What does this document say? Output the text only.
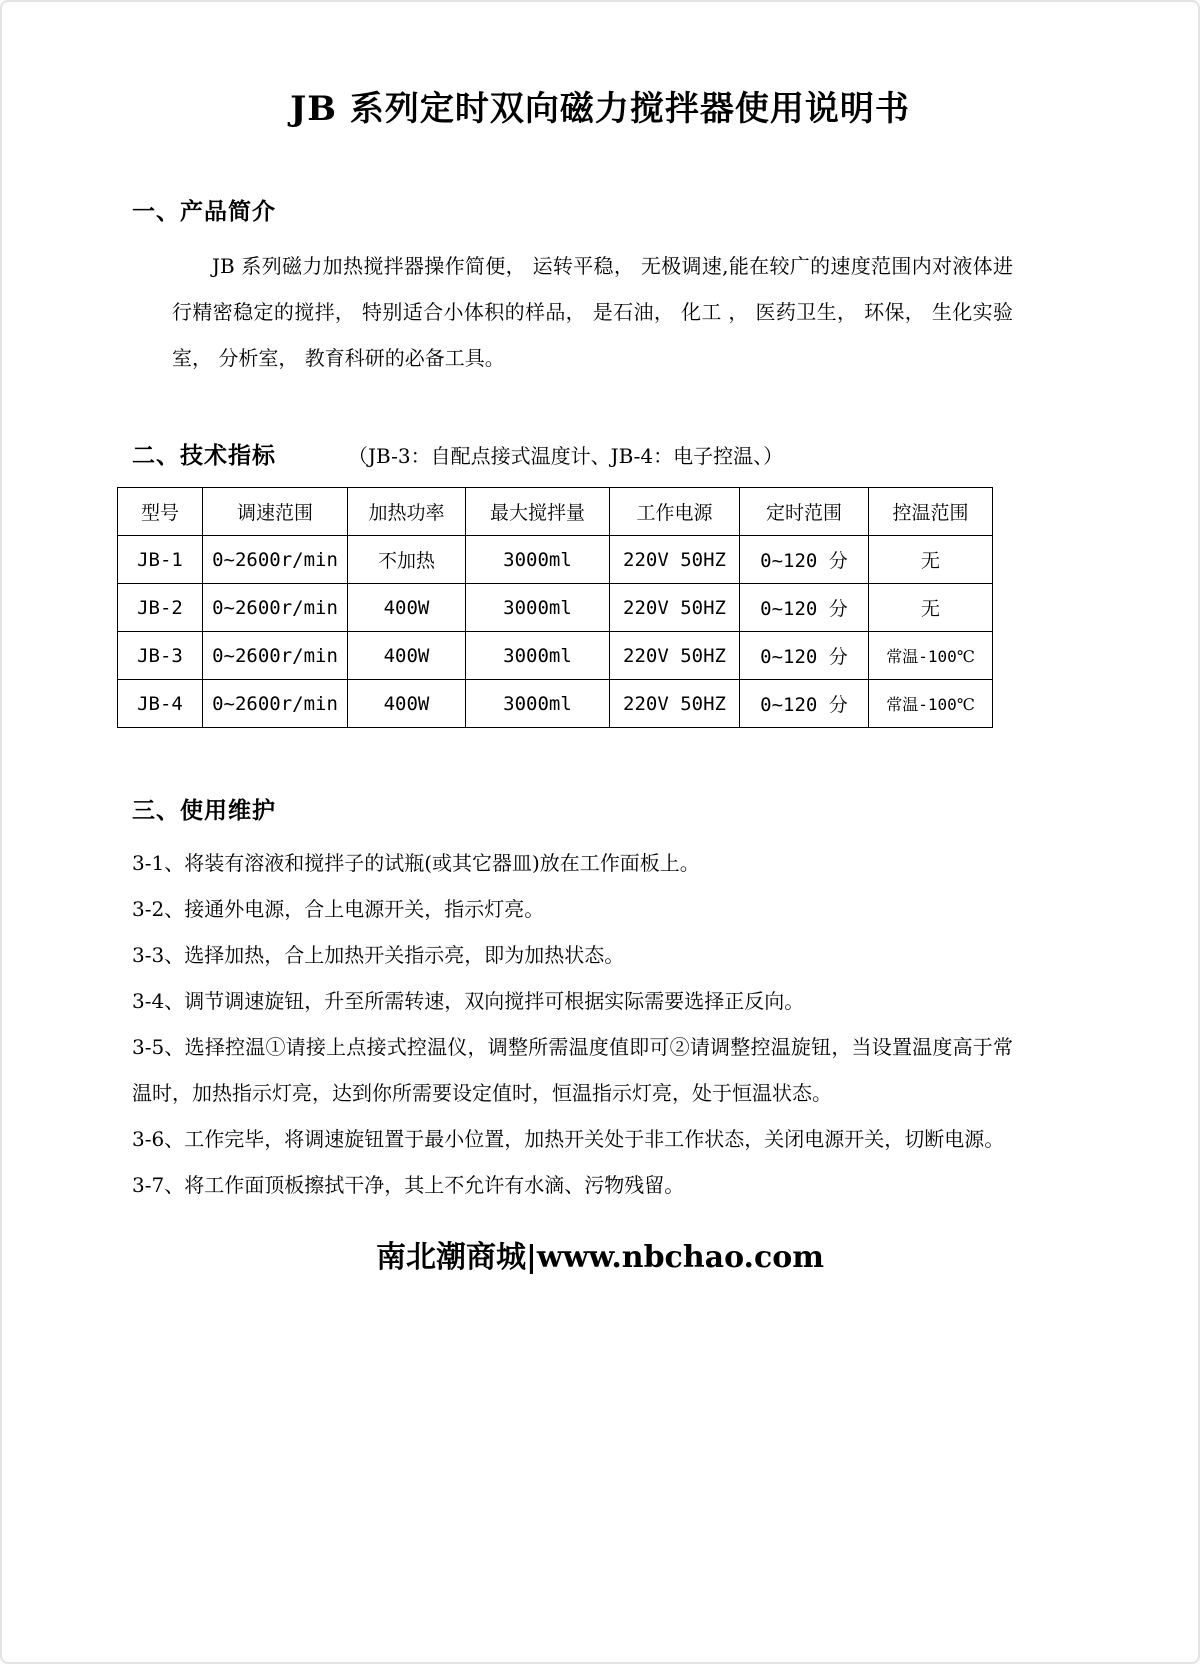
JB 系列定时双向磁力搅拌器使用说明书
一、产品简介

JB 系列磁力加热搅拌器操作简便， 运转平稳， 无极调速,能在较广的速度范围内对液体进行精密稳定的搅拌， 特别适合小体积的样品， 是石油， 化工 ， 医药卫生， 环保， 生化实验室， 分析室， 教育科研的必备工具。

二、技术指标	（JB-3：自配点接式温度计、JB-4：电子控温、）
型号	调速范围	加热功率	最大搅拌量	工作电源	定时范围	控温范围
JB-1	0~2600r/min	不加热	3000ml	220V 50HZ	0~120 分	无
JB-2	0~2600r/min	400W	3000ml	220V 50HZ	0~120 分	无
JB-3	0~2600r/min	400W	3000ml	220V 50HZ	0~120 分	常温-100℃
JB-4	0~2600r/min	400W	3000ml	220V 50HZ	0~120 分	常温-100℃
三、使用维护

3-1、将装有溶液和搅拌子的试瓶(或其它器皿)放在工作面板上。

3-2、接通外电源，合上电源开关，指示灯亮。

3-3、选择加热，合上加热开关指示亮，即为加热状态。

3-4、调节调速旋钮，升至所需转速，双向搅拌可根据实际需要选择正反向。

3-5、选择控温①请接上点接式控温仪，调整所需温度值即可②请调整控温旋钮，当设置温度高于常温时，加热指示灯亮，达到你所需要设定值时，恒温指示灯亮，处于恒温状态。

3-6、工作完毕，将调速旋钮置于最小位置，加热开关处于非工作状态，关闭电源开关，切断电源。

3-7、将工作面顶板擦拭干净，其上不允许有水滴、污物残留。

南北潮商城|www.nbchao.com
